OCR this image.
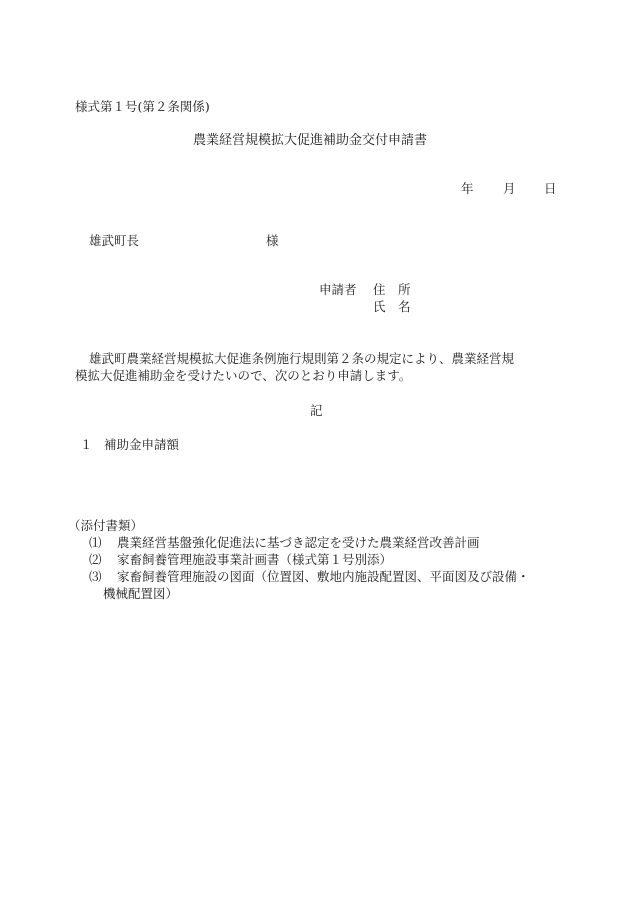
様式第１号(第２条関係)
農業経営規模拡大促進補助金交付申請書
年 月 日
雄武町長	様
申請者 住　所
氏　名
雄武町農業経営規模拡大促進条例施行規則第２条の規定により、農業経営規
模拡大促進補助金を受けたいので、次のとおり申請します。
記
１ 補助金申請額
（添付書類）
⑴ 農業経営基盤強化促進法に基づき認定を受けた農業経営改善計画
⑵ 家畜飼養管理施設事業計画書（様式第１号別添）
⑶ 家畜飼養管理施設の図面（位置図、敷地内施設配置図、平面図及び設備・
機械配置図）
